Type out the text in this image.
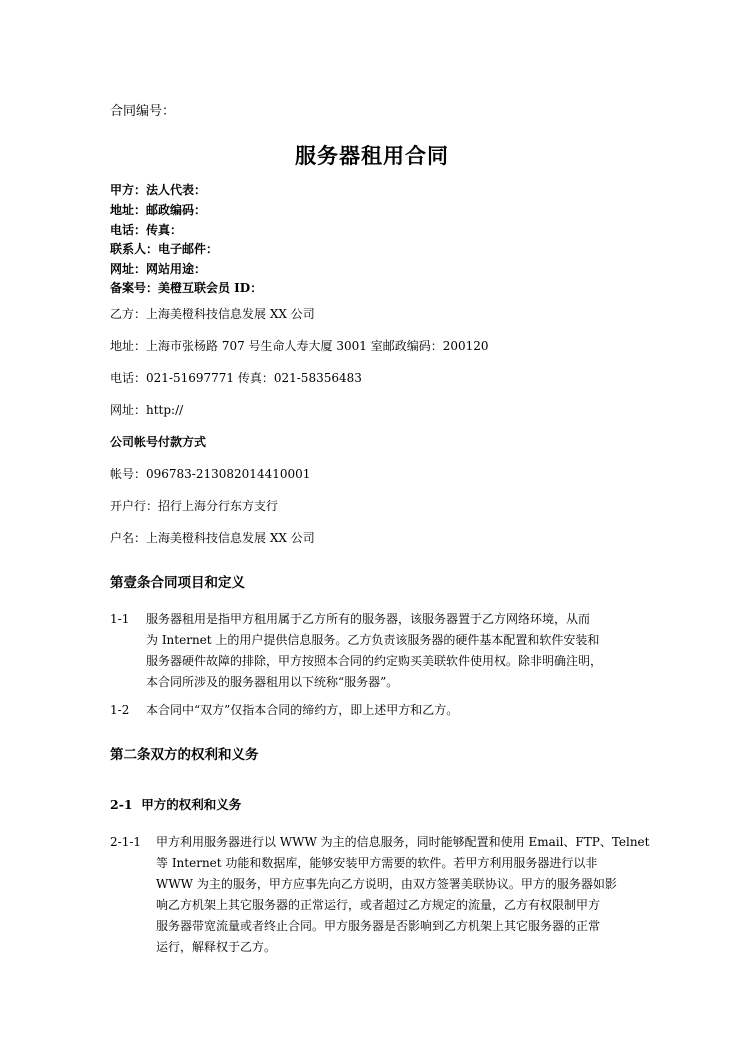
合同编号：
服务器租用合同
甲方：法人代表：
地址：邮政编码：
电话：传真：
联系人：电子邮件：
网址：网站用途：
备案号：美橙互联会员 ID：
乙方：上海美橙科技信息发展 XX 公司
地址：上海市张杨路 707 号生命人寿大厦 3001 室邮政编码：200120
电话：021-51697771 传真：021-58356483
网址：http://
公司帐号付款方式
帐号：096783-213082014410001
开户行：招行上海分行东方支行
户名：上海美橙科技信息发展 XX 公司
第壹条合同项目和定义
1-1 服务器租用是指甲方租用属于乙方所有的服务器，该服务器置于乙方网络环境，从而
为 Internet 上的用户提供信息服务。乙方负责该服务器的硬件基本配置和软件安装和
服务器硬件故障的排除，甲方按照本合同的约定购买美联软件使用权。除非明确注明，
本合同所涉及的服务器租用以下统称“服务器”。
1-2 本合同中“双方”仅指本合同的缔约方，即上述甲方和乙方。
第二条双方的权利和义务
2-1  甲方的权利和义务
2-1-1 甲方利用服务器进行以 WWW 为主的信息服务，同时能够配置和使用 Email、FTP、Telnet
等 Internet 功能和数据库，能够安装甲方需要的软件。若甲方利用服务器进行以非
WWW 为主的服务，甲方应事先向乙方说明，由双方签署美联协议。甲方的服务器如影
响乙方机架上其它服务器的正常运行，或者超过乙方规定的流量，乙方有权限制甲方
服务器带宽流量或者终止合同。甲方服务器是否影响到乙方机架上其它服务器的正常
运行，解释权于乙方。
